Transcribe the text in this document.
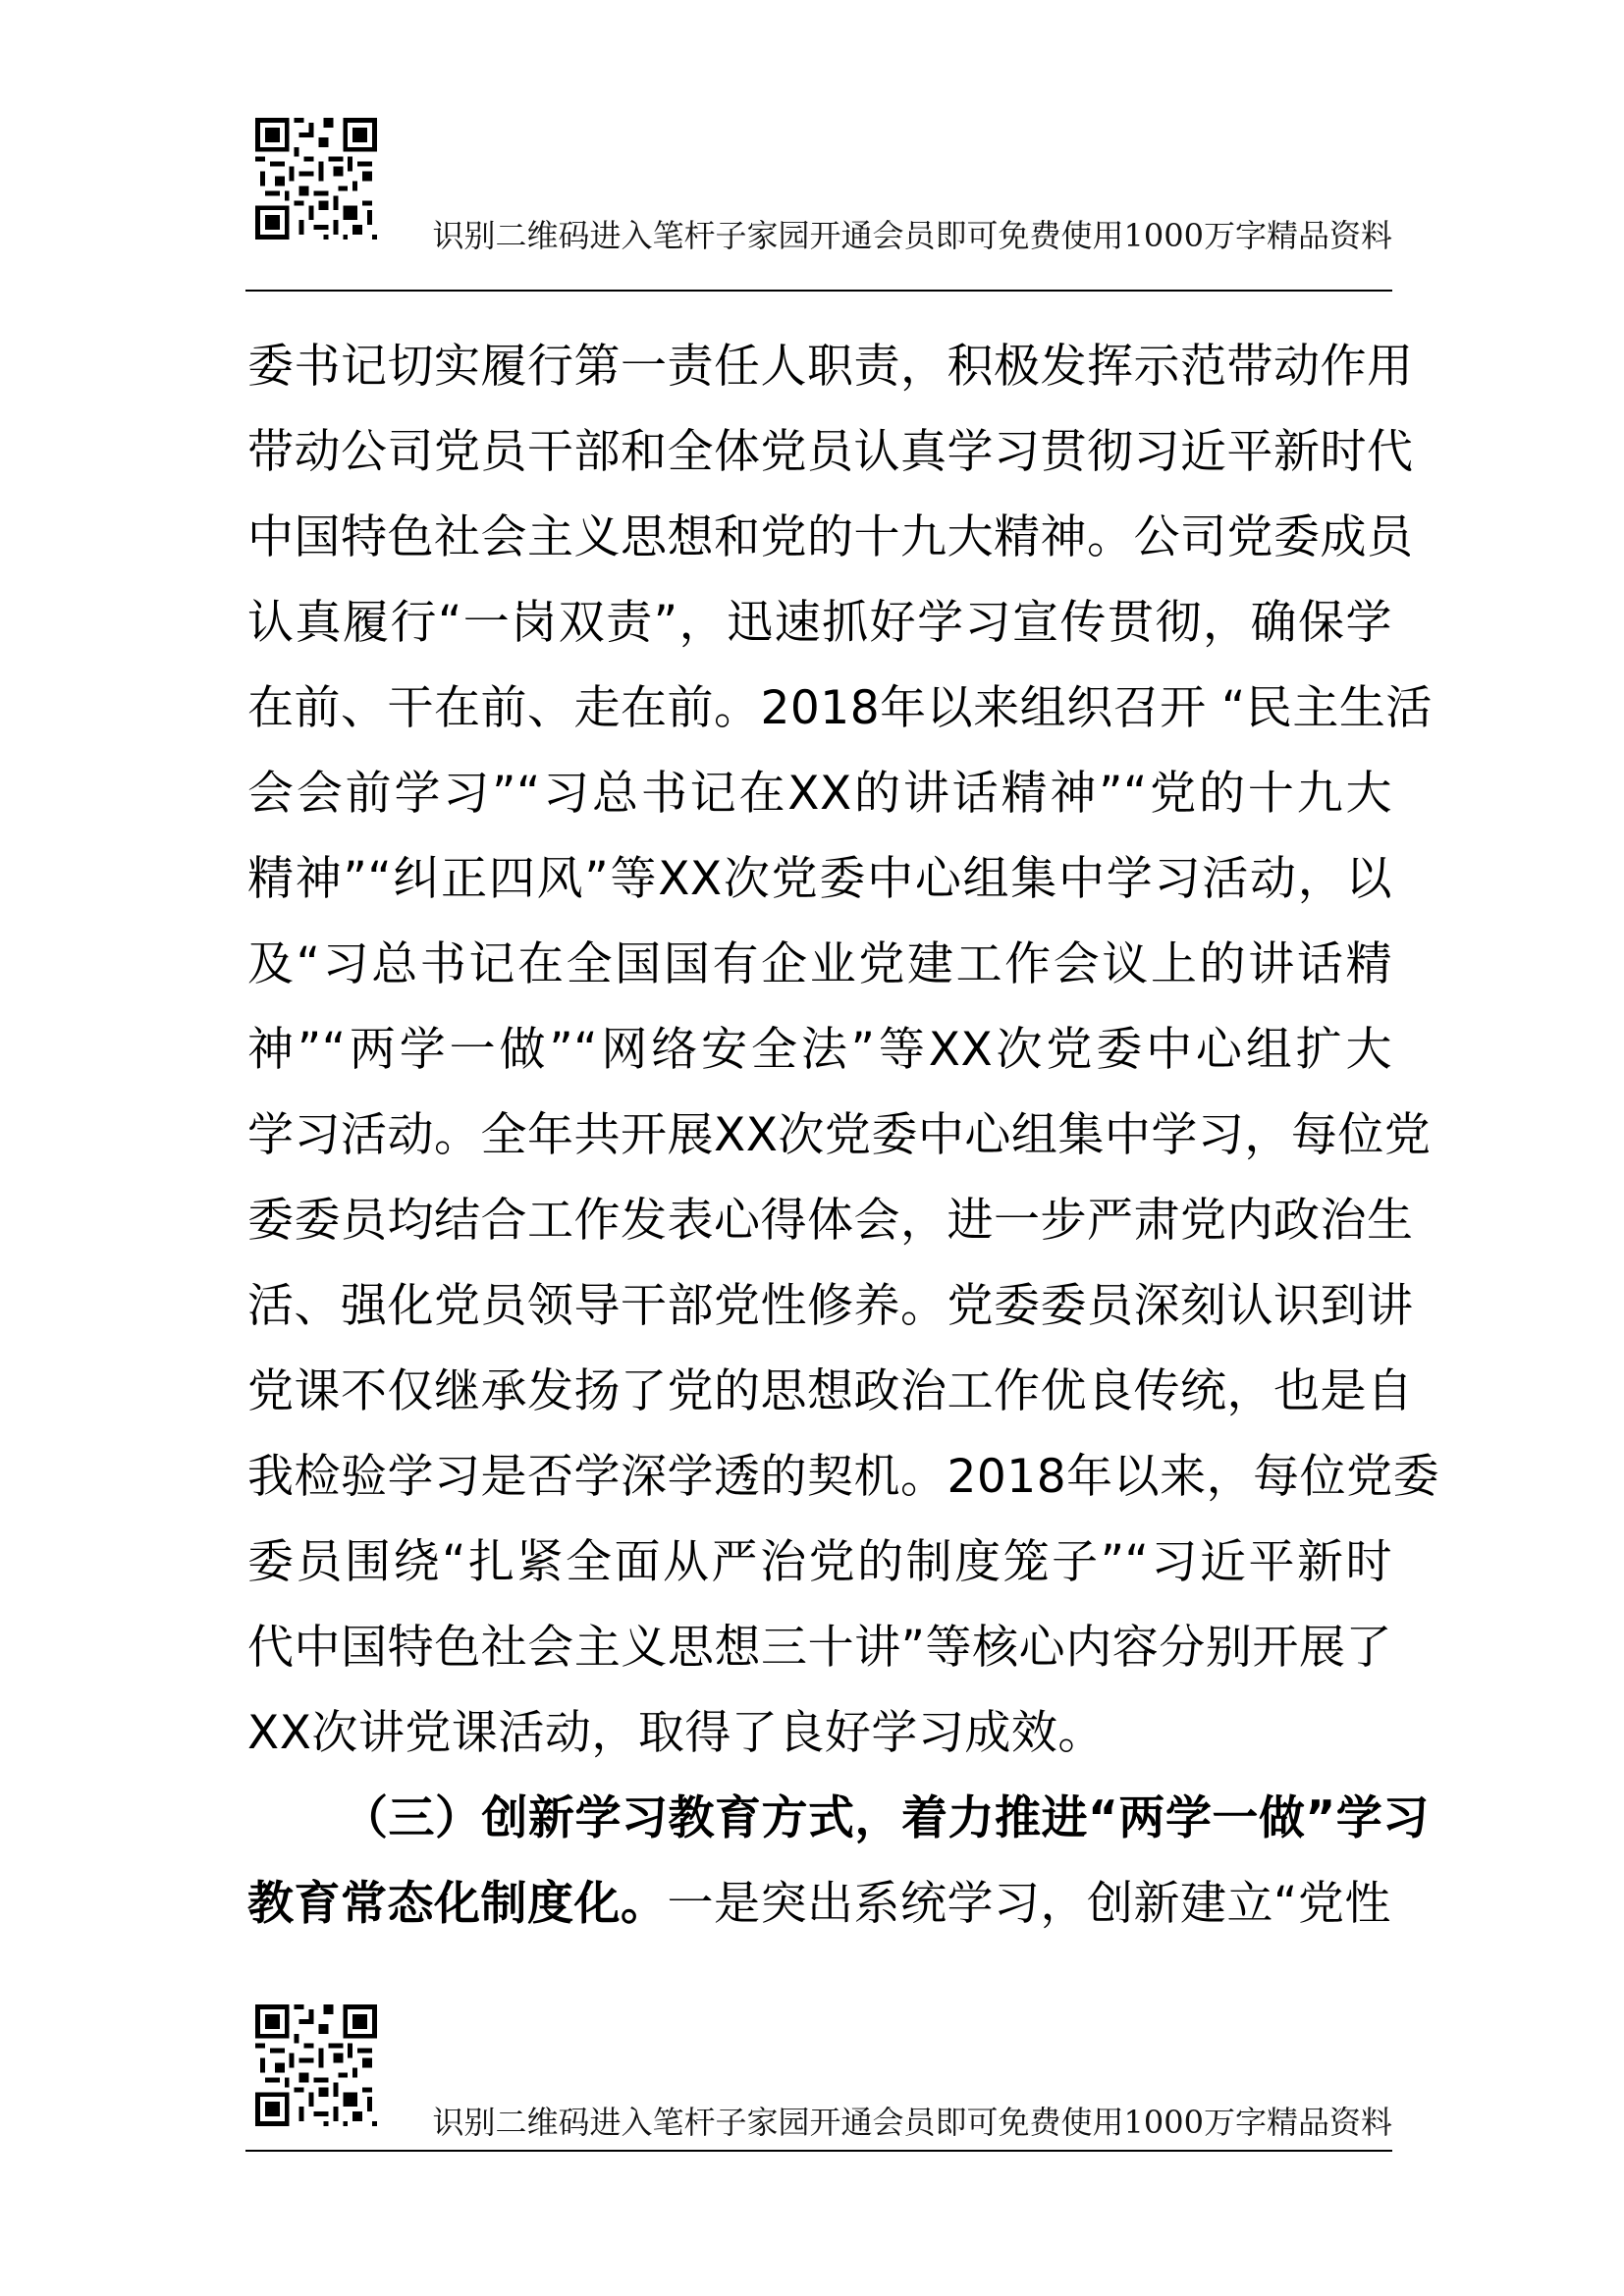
识别二维码进入笔杆子家园开通会员即可免费使用1000万字精品资料
委书记切实履行第一责任人职责，积极发挥示范带动作用
带动公司党员干部和全体党员认真学习贯彻习近平新时代
中国特色社会主义思想和党的十九大精神。公司党委成员
认真履行“一岗双责”，迅速抓好学习宣传贯彻，确保学
在前、干在前、走在前。2018年以来组织召开 “民主生活
会会前学习”“习总书记在XX的讲话精神”“党的十九大
精神”“纠正四风”等XX次党委中心组集中学习活动，以
及“习总书记在全国国有企业党建工作会议上的讲话精
神”“两学一做”“网络安全法”等XX次党委中心组扩大
学习活动。全年共开展XX次党委中心组集中学习，每位党
委委员均结合工作发表心得体会，进一步严肃党内政治生
活、强化党员领导干部党性修养。党委委员深刻认识到讲
党课不仅继承发扬了党的思想政治工作优良传统，也是自
我检验学习是否学深学透的契机。2018年以来，每位党委
委员围绕“扎紧全面从严治党的制度笼子”“习近平新时
代中国特色社会主义思想三十讲”等核心内容分别开展了
XX次讲党课活动，取得了良好学习成效。
（三）创新学习教育方式，着力推进“两学一做”学习
教育常态化制度化。一是突出系统学习，创新建立“党性
识别二维码进入笔杆子家园开通会员即可免费使用1000万字精品资料
